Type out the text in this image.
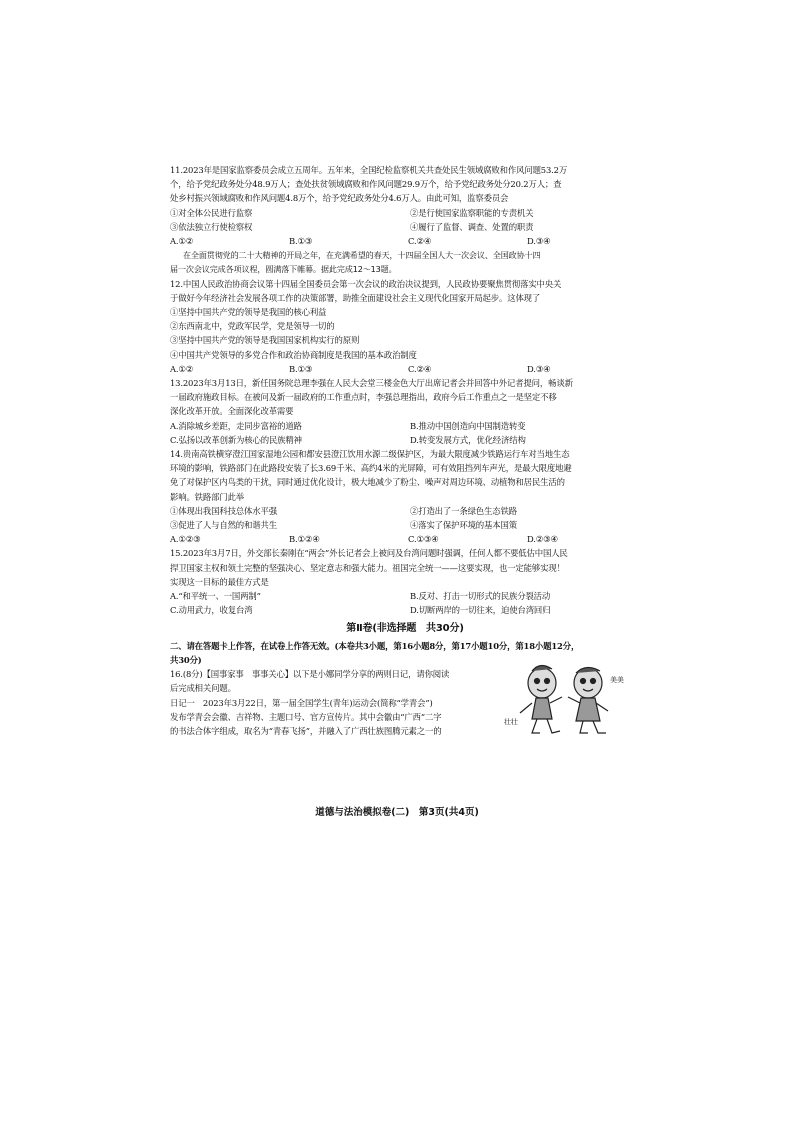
11.2023年是国家监察委员会成立五周年。五年来，全国纪检监察机关共查处民生领域腐败和作风问题53.2万

个，给予党纪政务处分48.9万人；查处扶贫领域腐败和作风问题29.9万个，给予党纪政务处分20.2万人；查

处乡村振兴领域腐败和作风问题4.8万个，给予党纪政务处分4.6万人。由此可知，监察委员会

①对全体公民进行监察	②是行使国家监察职能的专责机关
③依法独立行使检察权	④履行了监督、调查、处置的职责
A.①②	B.①③	C.②④	D.③④

在全面贯彻党的二十大精神的开局之年，在充满希望的春天，十四届全国人大一次会议、全国政协十四

届一次会议完成各项议程，圆满落下帷幕。据此完成12～13题。

12.中国人民政治协商会议第十四届全国委员会第一次会议的政治决议提到，人民政协要聚焦贯彻落实中央关

于做好今年经济社会发展各项工作的决策部署，助推全面建设社会主义现代化国家开局起步。这体现了

①坚持中国共产党的领导是我国的核心利益

②东西南北中，党政军民学，党是领导一切的

③坚持中国共产党的领导是我国国家机构实行的原则

④中国共产党领导的多党合作和政治协商制度是我国的基本政治制度

A.①②	B.①③	C.②④	D.③④

13.2023年3月13日，新任国务院总理李强在人民大会堂三楼金色大厅出席记者会并回答中外记者提问，畅谈新

一届政府施政目标。在被问及新一届政府的工作重点时，李强总理指出，政府今后工作重点之一是坚定不移

深化改革开放。全面深化改革需要

A.消除城乡差距，走同步富裕的道路	B.推动中国创造向中国制造转变
C.弘扬以改革创新为核心的民族精神	D.转变发展方式，优化经济结构

14.贵南高铁横穿澄江国家湿地公园和都安县澄江饮用水源二级保护区，为最大限度减少铁路运行车对当地生态

环境的影响，铁路部门在此路段安装了长3.69千米、高约4米的光屏障，可有效阻挡列车声光，是最大限度地避

免了对保护区内鸟类的干扰，同时通过优化设计，极大地减少了粉尘、噪声对周边环境、动植物和居民生活的

影响。铁路部门此举

①体现出我国科技总体水平强	②打造出了一条绿色生态铁路
③促进了人与自然的和谐共生	④落实了保护环境的基本国策
A.①②③	B.①②④	C.①③④	D.②③④

15.2023年3月7日，外交部长秦刚在“两会”外长记者会上被问及台湾问题时强调，任何人都不要低估中国人民

捍卫国家主权和领土完整的坚强决心、坚定意志和强大能力。祖国完全统一——这要实现，也一定能够实现！

实现这一目标的最佳方式是

A.“和平统一、一国两制”	B.反对、打击一切形式的民族分裂活动
C.动用武力，收复台湾	D.切断两岸的一切往来，迫使台湾回归
第Ⅱ卷(非选择题　共30分)

二、请在答题卡上作答，在试卷上作答无效。(本卷共3小题，第16小题8分，第17小题10分，第18小题12分，

共30分)

16.(8分)【国事家事　事事关心】以下是小娜同学分享的两则日记，请你阅读

后完成相关问题。

日记一　2023年3月22日，第一届全国学生(青年)运动会(简称“学青会”)

发布学青会会徽、吉祥物、主题口号、官方宣传片。其中会徽由“广西”二字

的书法合体字组成，取名为“青春飞扬”，并融入了广西壮族图腾元素之一的

壮壮
美美
道德与法治模拟卷(二)　第3页(共4页)
